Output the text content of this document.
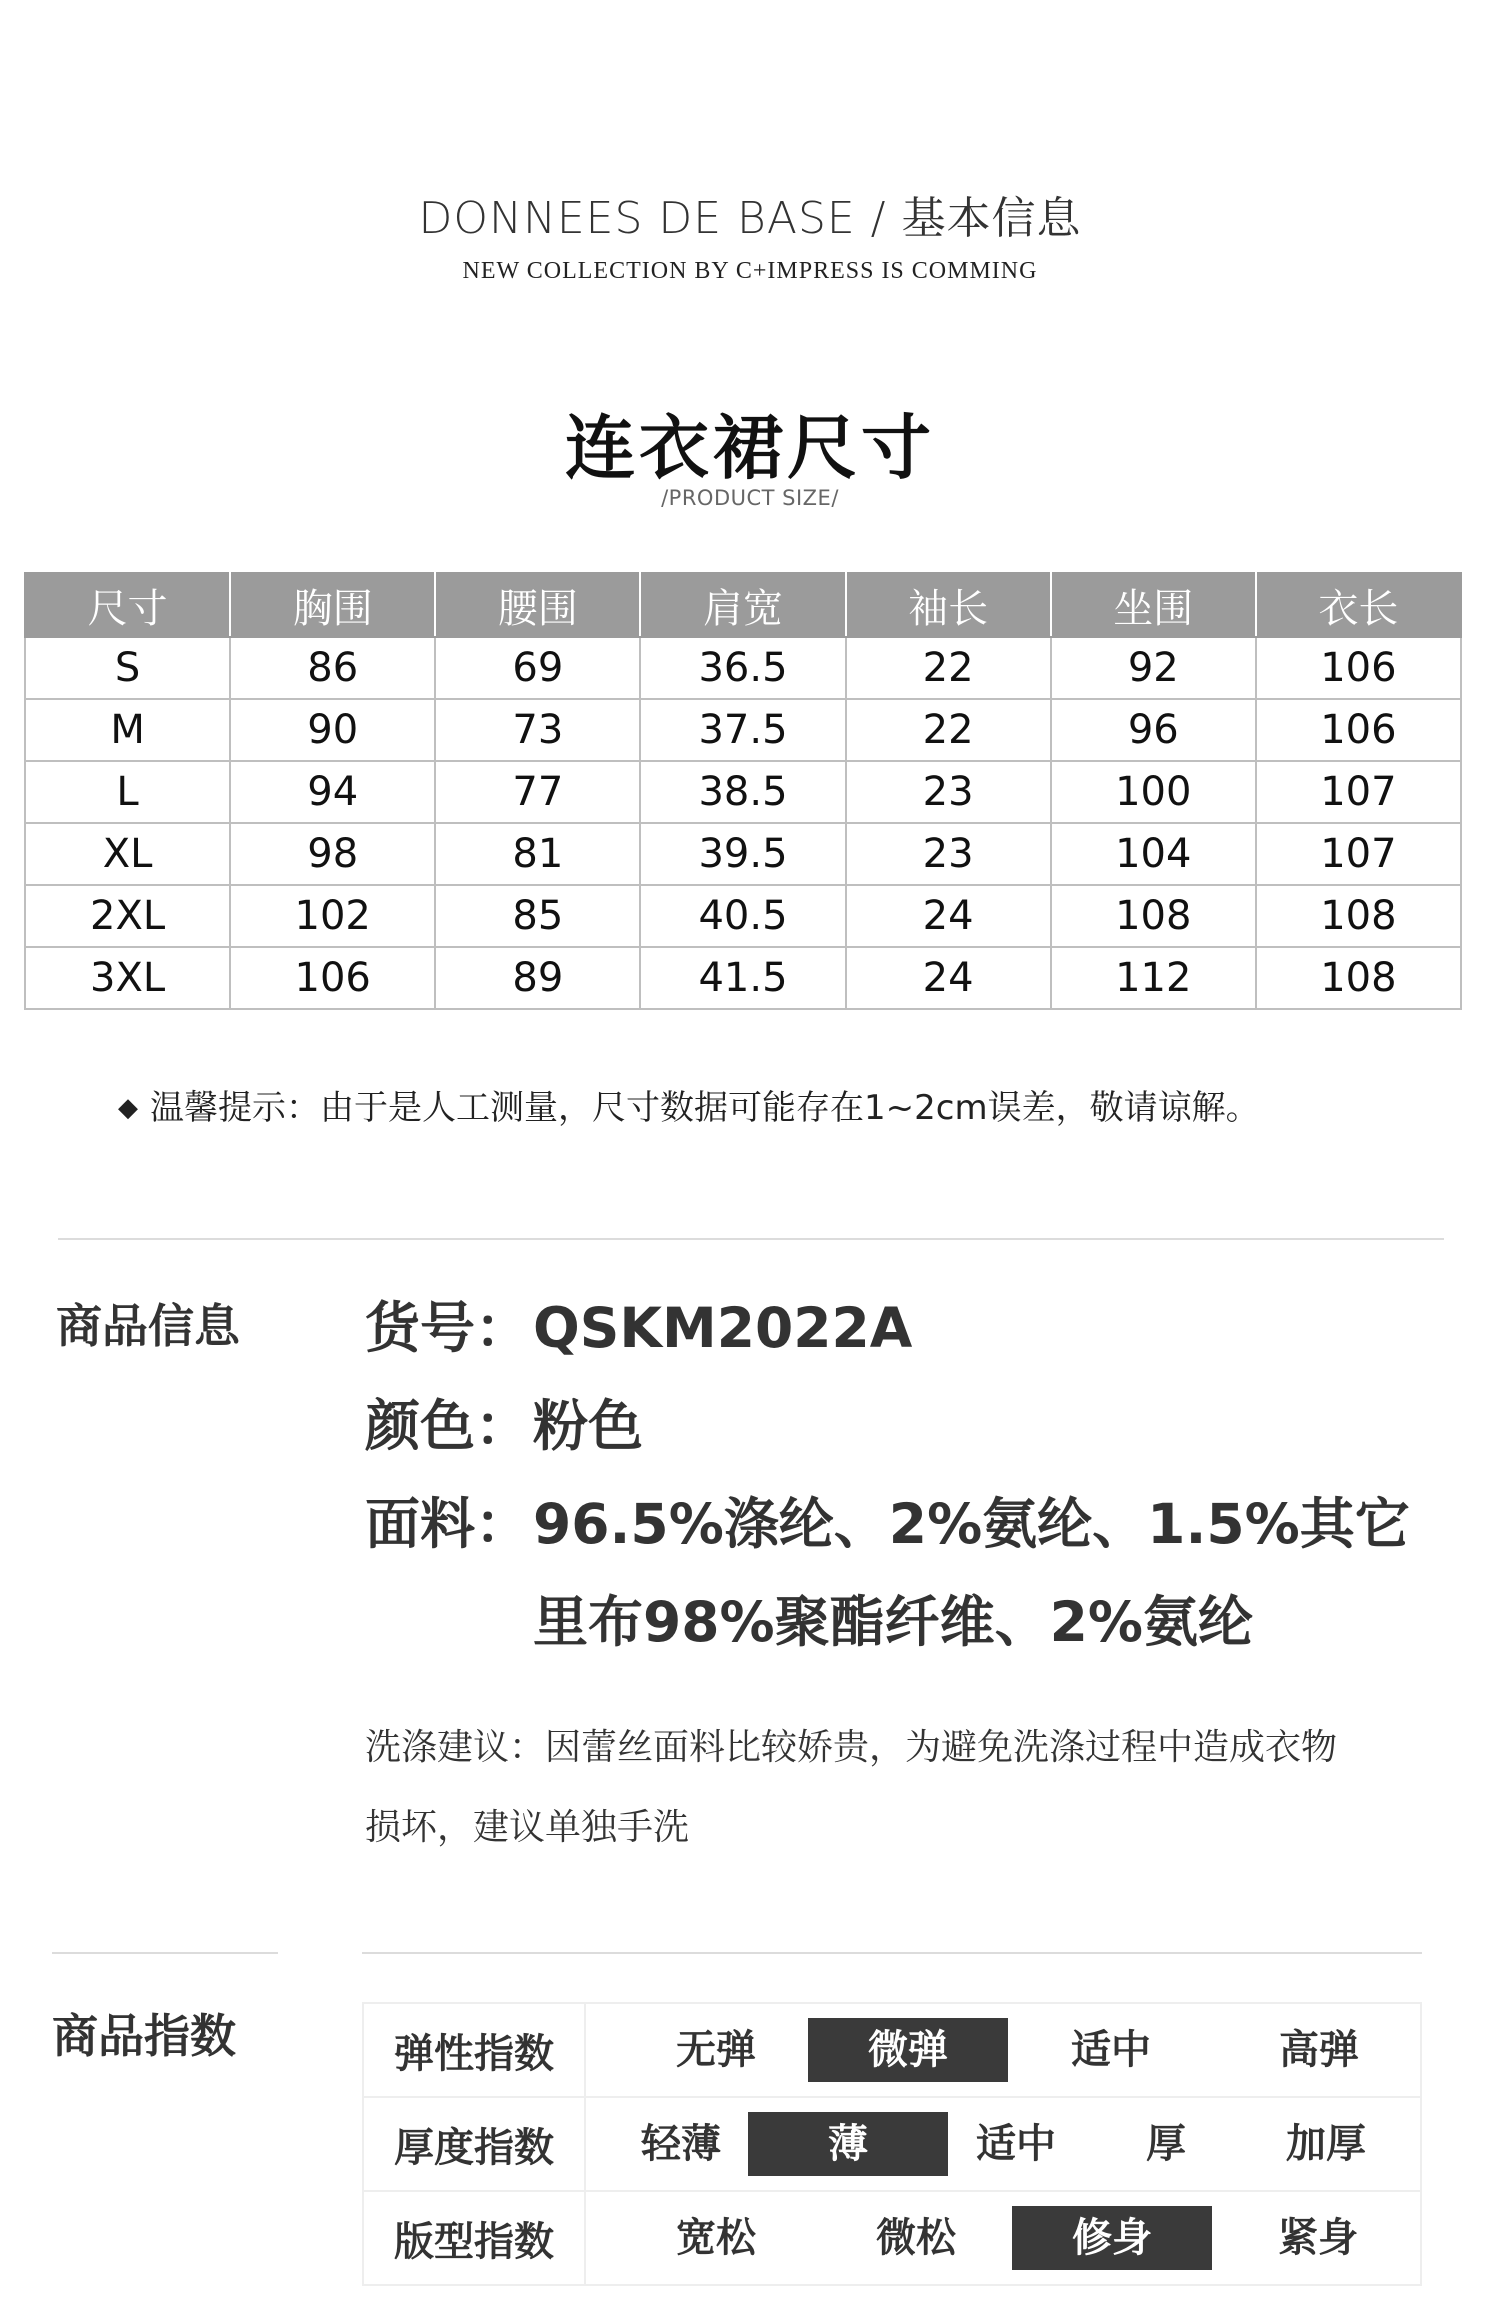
DONNEES DE BASE / 基本信息
NEW COLLECTION BY C+IMPRESS IS COMMING
连衣裙尺寸
/PRODUCT SIZE/
尺寸	胸围	腰围	肩宽	袖长	坐围	衣长
S	86	69	36.5	22	92	106
M	90	73	37.5	22	96	106
L	94	77	38.5	23	100	107
XL	98	81	39.5	23	104	107
2XL	102	85	40.5	24	108	108
3XL	106	89	41.5	24	112	108
◆ 温馨提示：由于是人工测量，尺寸数据可能存在1~2cm误差，敬请谅解。
商品信息 货号：QSKM2022A
颜色：粉色
面料：96.5%涤纶、2%氨纶、1.5%其它
里布98%聚酯纤维、2%氨纶
洗涤建议：因蕾丝面料比较娇贵，为避免洗涤过程中造成衣物损坏，建议单独手洗
商品指数	弹性指数	无弹 微弹 适中 高弹

厚度指数	轻薄 薄 适中 厚 加厚

版型指数	宽松 微松 修身 紧身
